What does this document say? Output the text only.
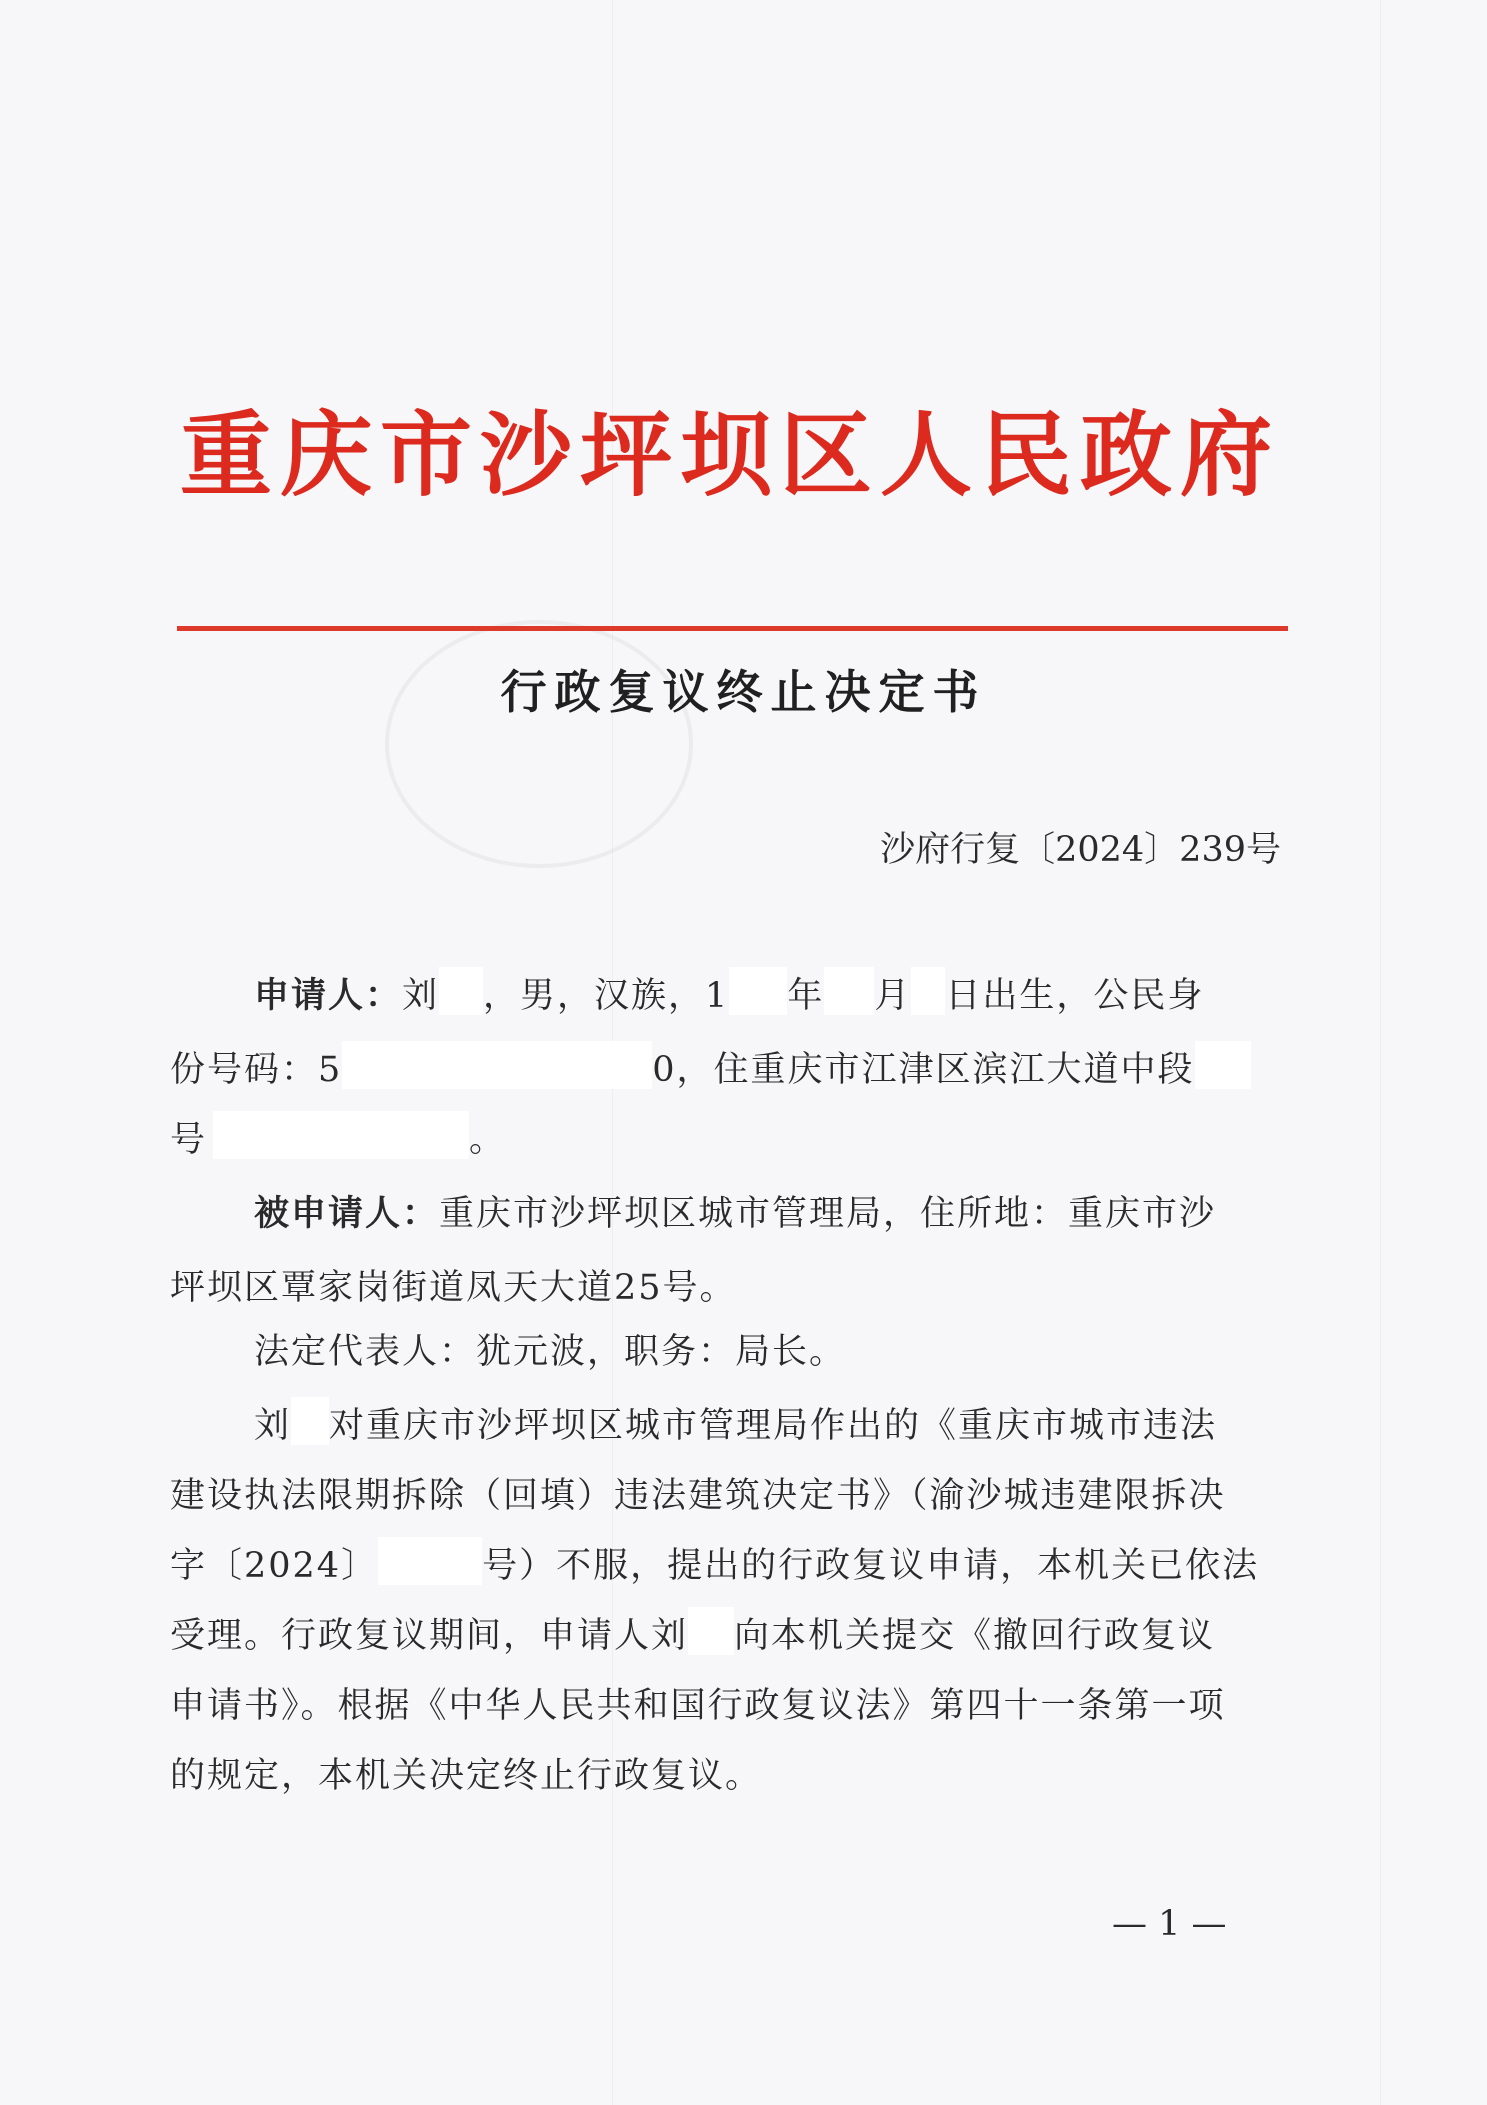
重庆市沙坪坝区人民政府
行政复议终止决定书
沙府行复〔2024〕239号
申请人：刘 ，男，汉族，1 年 月 日出生，公民身
份号码：5	0，住重庆市江津区滨江大道中段
号	。
被申请人：重庆市沙坪坝区城市管理局，住所地：重庆市沙
坪坝区覃家岗街道凤天大道25号。
法定代表人：犹元波，职务：局长。
刘 对重庆市沙坪坝区城市管理局作出的《重庆市城市违法
建设执法限期拆除（回填）违法建筑决定书》（渝沙城违建限拆决
字〔2024〕	号）不服，提出的行政复议申请，本机关已依法
受理。行政复议期间，申请人刘 向本机关提交《撤回行政复议
申请书》。根据《中华人民共和国行政复议法》第四十一条第一项
的规定，本机关决定终止行政复议。
— 1 —
